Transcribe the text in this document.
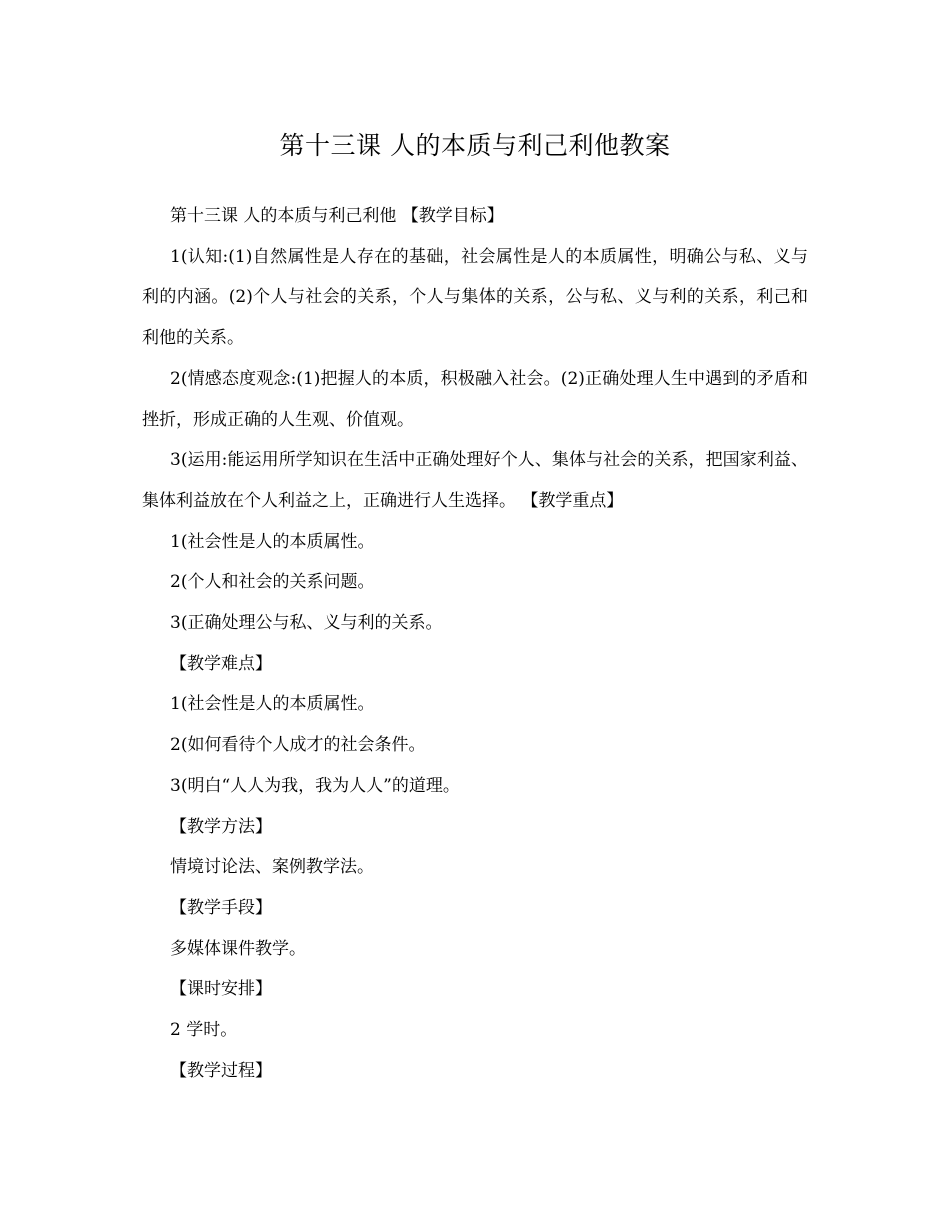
第十三课 人的本质与利己利他教案

第十三课 人的本质与利己利他 【教学目标】

1(认知:(1)自然属性是人存在的基础，社会属性是人的本质属性，明确公与私、义与利的内涵。(2)个人与社会的关系，个人与集体的关系，公与私、义与利的关系，利己和利他的关系。

2(情感态度观念:(1)把握人的本质，积极融入社会。(2)正确处理人生中遇到的矛盾和挫折，形成正确的人生观、价值观。

3(运用:能运用所学知识在生活中正确处理好个人、集体与社会的关系，把国家利益、集体利益放在个人利益之上，正确进行人生选择。 【教学重点】

1(社会性是人的本质属性。

2(个人和社会的关系问题。

3(正确处理公与私、义与利的关系。

【教学难点】

1(社会性是人的本质属性。

2(如何看待个人成才的社会条件。

3(明白“人人为我，我为人人”的道理。

【教学方法】

情境讨论法、案例教学法。

【教学手段】

多媒体课件教学。

【课时安排】

2 学时。

【教学过程】
